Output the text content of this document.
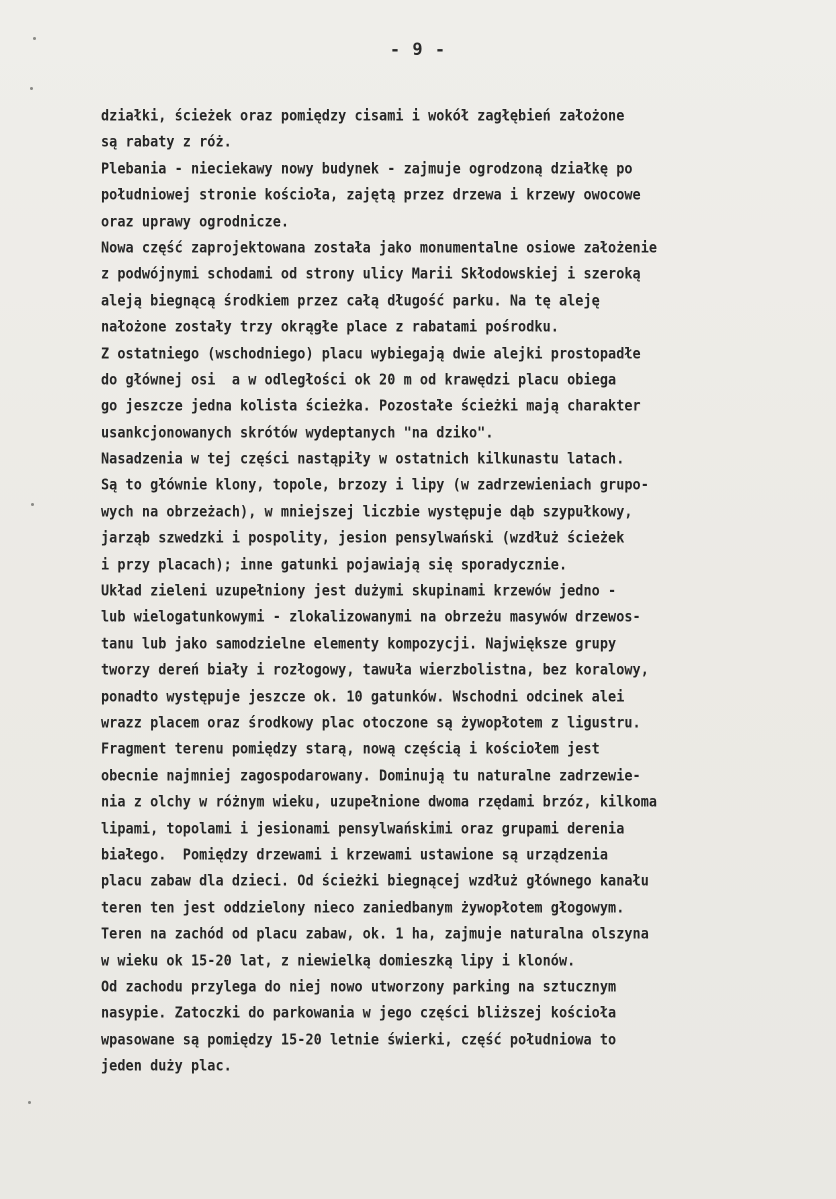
- 9 -
działki, ścieżek oraz pomiędzy cisami i wokół zagłębień założone
są rabaty z róż.
Plebania - nieciekawy nowy budynek - zajmuje ogrodzoną działkę po
południowej stronie kościoła, zajętą przez drzewa i krzewy owocowe
oraz uprawy ogrodnicze.
Nowa część zaprojektowana została jako monumentalne osiowe założenie
z podwójnymi schodami od strony ulicy Marii Skłodowskiej i szeroką
aleją biegnącą środkiem przez całą długość parku. Na tę aleję
nałożone zostały trzy okrągłe place z rabatami pośrodku.
Z ostatniego (wschodniego) placu wybiegają dwie alejki prostopadłe
do głównej osi  a w odległości ok 20 m od krawędzi placu obiega
go jeszcze jedna kolista ścieżka. Pozostałe ścieżki mają charakter
usankcjonowanych skrótów wydeptanych "na dziko".
Nasadzenia w tej części nastąpiły w ostatnich kilkunastu latach.
Są to głównie klony, topole, brzozy i lipy (w zadrzewieniach grupo-
wych na obrzeżach), w mniejszej liczbie występuje dąb szypułkowy,
jarząb szwedzki i pospolity, jesion pensylwański (wzdłuż ścieżek
i przy placach); inne gatunki pojawiają się sporadycznie.
Układ zieleni uzupełniony jest dużymi skupinami krzewów jedno -
lub wielogatunkowymi - zlokalizowanymi na obrzeżu masywów drzewos-
tanu lub jako samodzielne elementy kompozycji. Największe grupy
tworzy dereń biały i rozłogowy, tawuła wierzbolistna, bez koralowy,
ponadto występuje jeszcze ok. 10 gatunków. Wschodni odcinek alei
wrazz placem oraz środkowy plac otoczone są żywopłotem z ligustru.
Fragment terenu pomiędzy starą, nową częścią i kościołem jest
obecnie najmniej zagospodarowany. Dominują tu naturalne zadrzewie-
nia z olchy w różnym wieku, uzupełnione dwoma rzędami brzóz, kilkoma
lipami, topolami i jesionami pensylwańskimi oraz grupami derenia
białego.  Pomiędzy drzewami i krzewami ustawione są urządzenia
placu zabaw dla dzieci. Od ścieżki biegnącej wzdłuż głównego kanału
teren ten jest oddzielony nieco zaniedbanym żywopłotem głogowym.
Teren na zachód od placu zabaw, ok. 1 ha, zajmuje naturalna olszyna
w wieku ok 15-20 lat, z niewielką domieszką lipy i klonów.
Od zachodu przylega do niej nowo utworzony parking na sztucznym
nasypie. Zatoczki do parkowania w jego części bliższej kościoła
wpasowane są pomiędzy 15-20 letnie świerki, część południowa to
jeden duży plac.
